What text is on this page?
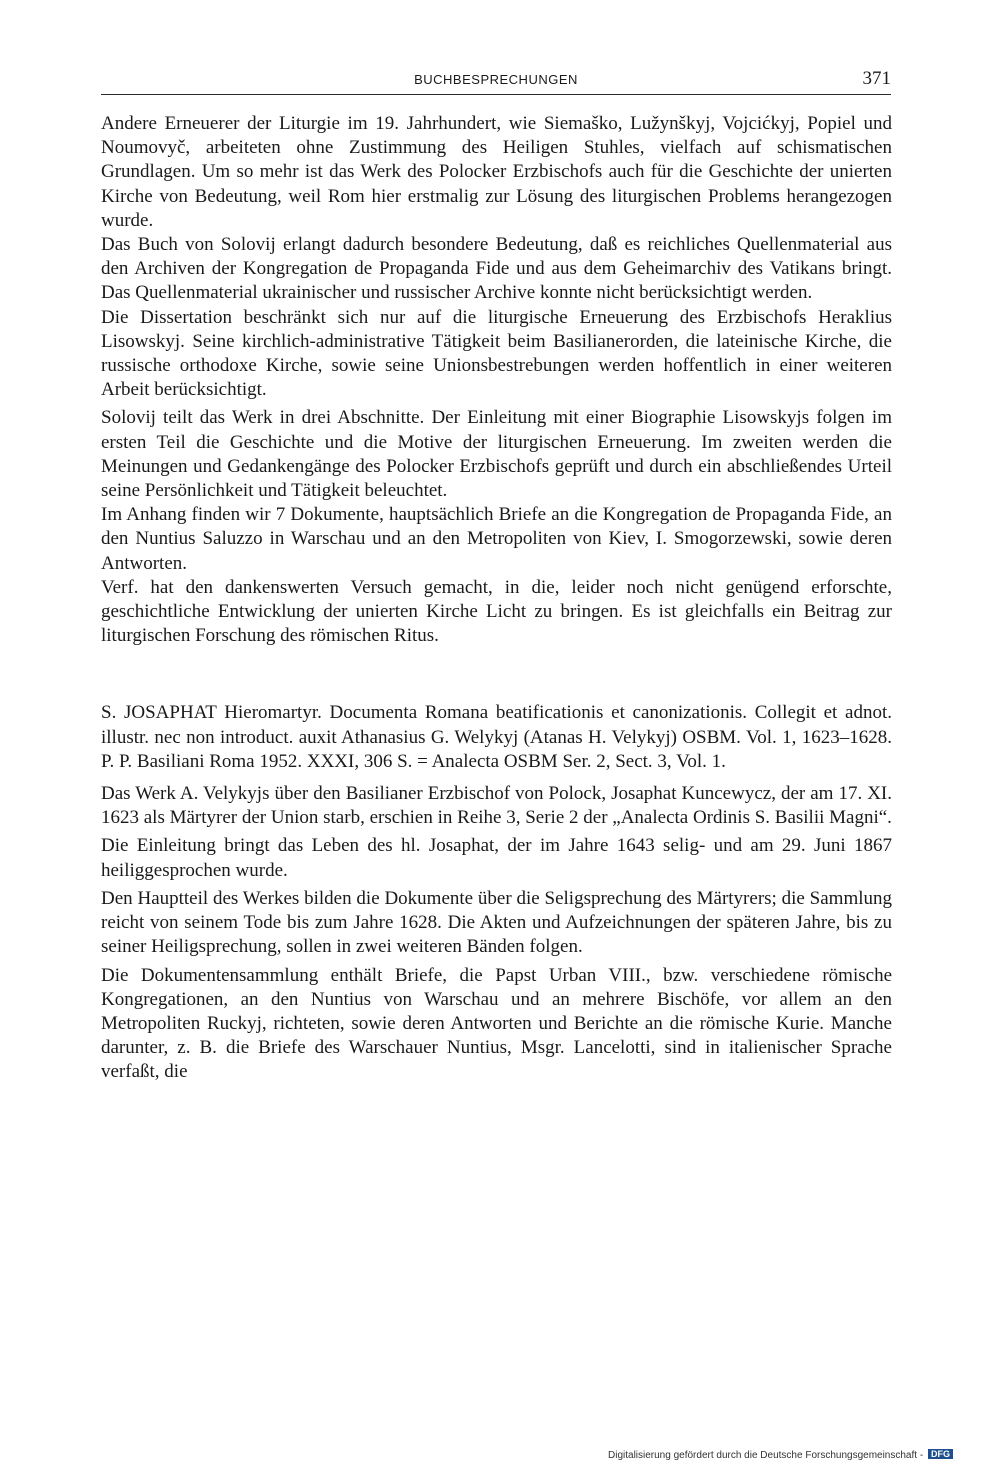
BUCHBESPRECHUNGEN	371

Andere Erneuerer der Liturgie im 19. Jahrhundert, wie Siemaško, Lužynškyj, Vojcićkyj, Popiel und Noumovyč, arbeiteten ohne Zustimmung des Heiligen Stuhles, vielfach auf schismatischen Grundlagen. Um so mehr ist das Werk des Polocker Erzbischofs auch für die Geschichte der unierten Kirche von Bedeutung, weil Rom hier erstmalig zur Lösung des liturgischen Problems herangezogen wurde.

Das Buch von Solovij erlangt dadurch besondere Bedeutung, daß es reichliches Quellenmaterial aus den Archiven der Kongregation de Propaganda Fide und aus dem Geheimarchiv des Vatikans bringt. Das Quellenmaterial ukrainischer und russischer Archive konnte nicht berücksichtigt werden.

Die Dissertation beschränkt sich nur auf die liturgische Erneuerung des Erzbischofs Heraklius Lisowskyj. Seine kirchlich-administrative Tätigkeit beim Basilianerorden, die lateinische Kirche, die russische orthodoxe Kirche, sowie seine Unionsbestrebungen werden hoffentlich in einer weiteren Arbeit berücksichtigt.

Solovij teilt das Werk in drei Abschnitte. Der Einleitung mit einer Biographie Lisowskyjs folgen im ersten Teil die Geschichte und die Motive der liturgischen Erneuerung. Im zweiten werden die Meinungen und Gedankengänge des Polocker Erzbischofs geprüft und durch ein abschließendes Urteil seine Persönlichkeit und Tätigkeit beleuchtet.

Im Anhang finden wir 7 Dokumente, hauptsächlich Briefe an die Kongregation de Propaganda Fide, an den Nuntius Saluzzo in Warschau und an den Metropoliten von Kiev, I. Smogorzewski, sowie deren Antworten.

Verf. hat den dankenswerten Versuch gemacht, in die, leider noch nicht genügend erforschte, geschichtliche Entwicklung der unierten Kirche Licht zu bringen. Es ist gleichfalls ein Beitrag zur liturgischen Forschung des römischen Ritus.

S. JOSAPHAT Hieromartyr. Documenta Romana beatificationis et canonizationis. Collegit et adnot. illustr. nec non introduct. auxit Athanasius G. Welykyj (Atanas H. Velykyj) OSBM. Vol. 1, 1623–1628. P. P. Basiliani Roma 1952. XXXI, 306 S. = Analecta OSBM Ser. 2, Sect. 3, Vol. 1.

Das Werk A. Velykyjs über den Basilianer Erzbischof von Polock, Josaphat Kuncewycz, der am 17. XI. 1623 als Märtyrer der Union starb, erschien in Reihe 3, Serie 2 der „Analecta Ordinis S. Basilii Magni“.

Die Einleitung bringt das Leben des hl. Josaphat, der im Jahre 1643 selig- und am 29. Juni 1867 heiliggesprochen wurde.

Den Hauptteil des Werkes bilden die Dokumente über die Seligsprechung des Märtyrers; die Sammlung reicht von seinem Tode bis zum Jahre 1628. Die Akten und Aufzeichnungen der späteren Jahre, bis zu seiner Heiligsprechung, sollen in zwei weiteren Bänden folgen.

Die Dokumentensammlung enthält Briefe, die Papst Urban VIII., bzw. verschiedene römische Kongregationen, an den Nuntius von Warschau und an mehrere Bischöfe, vor allem an den Metropoliten Ruckyj, richteten, sowie deren Antworten und Berichte an die römische Kurie. Manche darunter, z. B. die Briefe des Warschauer Nuntius, Msgr. Lancelotti, sind in italienischer Sprache verfaßt, die

Digitalisierung gefördert durch die Deutsche Forschungsgemeinschaft - DFG
